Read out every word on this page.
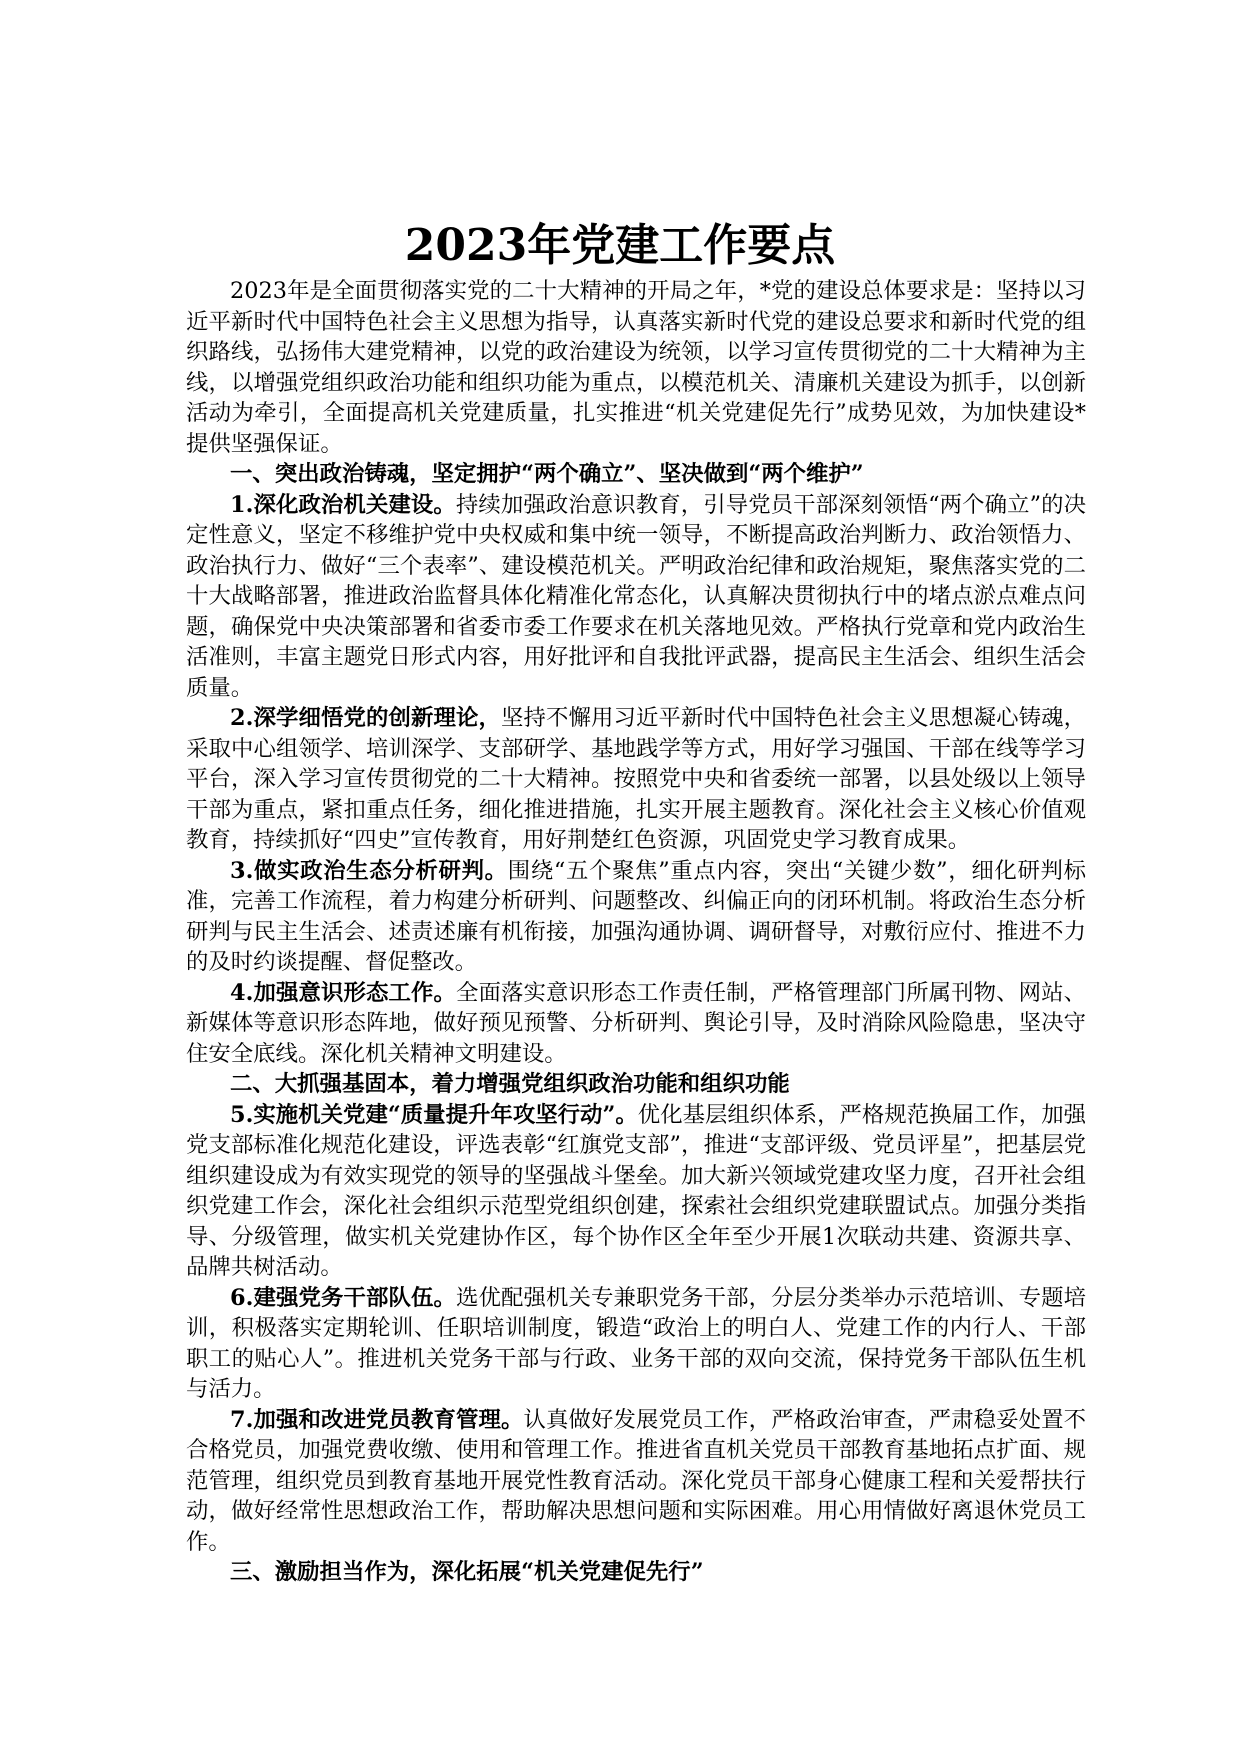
2023年党建工作要点

2023年是全面贯彻落实党的二十大精神的开局之年，*党的建设总体要求是：坚持以习近平新时代中国特色社会主义思想为指导，认真落实新时代党的建设总要求和新时代党的组织路线，弘扬伟大建党精神，以党的政治建设为统领，以学习宣传贯彻党的二十大精神为主线，以增强党组织政治功能和组织功能为重点，以模范机关、清廉机关建设为抓手，以创新活动为牵引，全面提高机关党建质量，扎实推进“机关党建促先行”成势见效，为加快建设*提供坚强保证。

一、突出政治铸魂，坚定拥护“两个确立”、坚决做到“两个维护”

1.深化政治机关建设。持续加强政治意识教育，引导党员干部深刻领悟“两个确立”的决定性意义，坚定不移维护党中央权威和集中统一领导，不断提高政治判断力、政治领悟力、政治执行力、做好“三个表率”、建设模范机关。严明政治纪律和政治规矩，聚焦落实党的二十大战略部署，推进政治监督具体化精准化常态化，认真解决贯彻执行中的堵点淤点难点问题，确保党中央决策部署和省委市委工作要求在机关落地见效。严格执行党章和党内政治生活准则，丰富主题党日形式内容，用好批评和自我批评武器，提高民主生活会、组织生活会质量。

2.深学细悟党的创新理论，坚持不懈用习近平新时代中国特色社会主义思想凝心铸魂，采取中心组领学、培训深学、支部研学、基地践学等方式，用好学习强国、干部在线等学习平台，深入学习宣传贯彻党的二十大精神。按照党中央和省委统一部署，以县处级以上领导干部为重点，紧扣重点任务，细化推进措施，扎实开展主题教育。深化社会主义核心价值观教育，持续抓好“四史”宣传教育，用好荆楚红色资源，巩固党史学习教育成果。

3.做实政治生态分析研判。围绕“五个聚焦”重点内容，突出“关键少数”，细化研判标准，完善工作流程，着力构建分析研判、问题整改、纠偏正向的闭环机制。将政治生态分析研判与民主生活会、述责述廉有机衔接，加强沟通协调、调研督导，对敷衍应付、推进不力的及时约谈提醒、督促整改。

4.加强意识形态工作。全面落实意识形态工作责任制，严格管理部门所属刊物、网站、新媒体等意识形态阵地，做好预见预警、分析研判、舆论引导，及时消除风险隐患，坚决守住安全底线。深化机关精神文明建设。

二、大抓强基固本，着力增强党组织政治功能和组织功能

5.实施机关党建“质量提升年攻坚行动”。优化基层组织体系，严格规范换届工作，加强党支部标准化规范化建设，评选表彰“红旗党支部”，推进“支部评级、党员评星”，把基层党组织建设成为有效实现党的领导的坚强战斗堡垒。加大新兴领域党建攻坚力度，召开社会组织党建工作会，深化社会组织示范型党组织创建，探索社会组织党建联盟试点。加强分类指导、分级管理，做实机关党建协作区，每个协作区全年至少开展1次联动共建、资源共享、品牌共树活动。

6.建强党务干部队伍。选优配强机关专兼职党务干部，分层分类举办示范培训、专题培训，积极落实定期轮训、任职培训制度，锻造“政治上的明白人、党建工作的内行人、干部职工的贴心人”。推进机关党务干部与行政、业务干部的双向交流，保持党务干部队伍生机与活力。

7.加强和改进党员教育管理。认真做好发展党员工作，严格政治审查，严肃稳妥处置不合格党员，加强党费收缴、使用和管理工作。推进省直机关党员干部教育基地拓点扩面、规范管理，组织党员到教育基地开展党性教育活动。深化党员干部身心健康工程和关爱帮扶行动，做好经常性思想政治工作，帮助解决思想问题和实际困难。用心用情做好离退休党员工作。

三、激励担当作为，深化拓展“机关党建促先行”
